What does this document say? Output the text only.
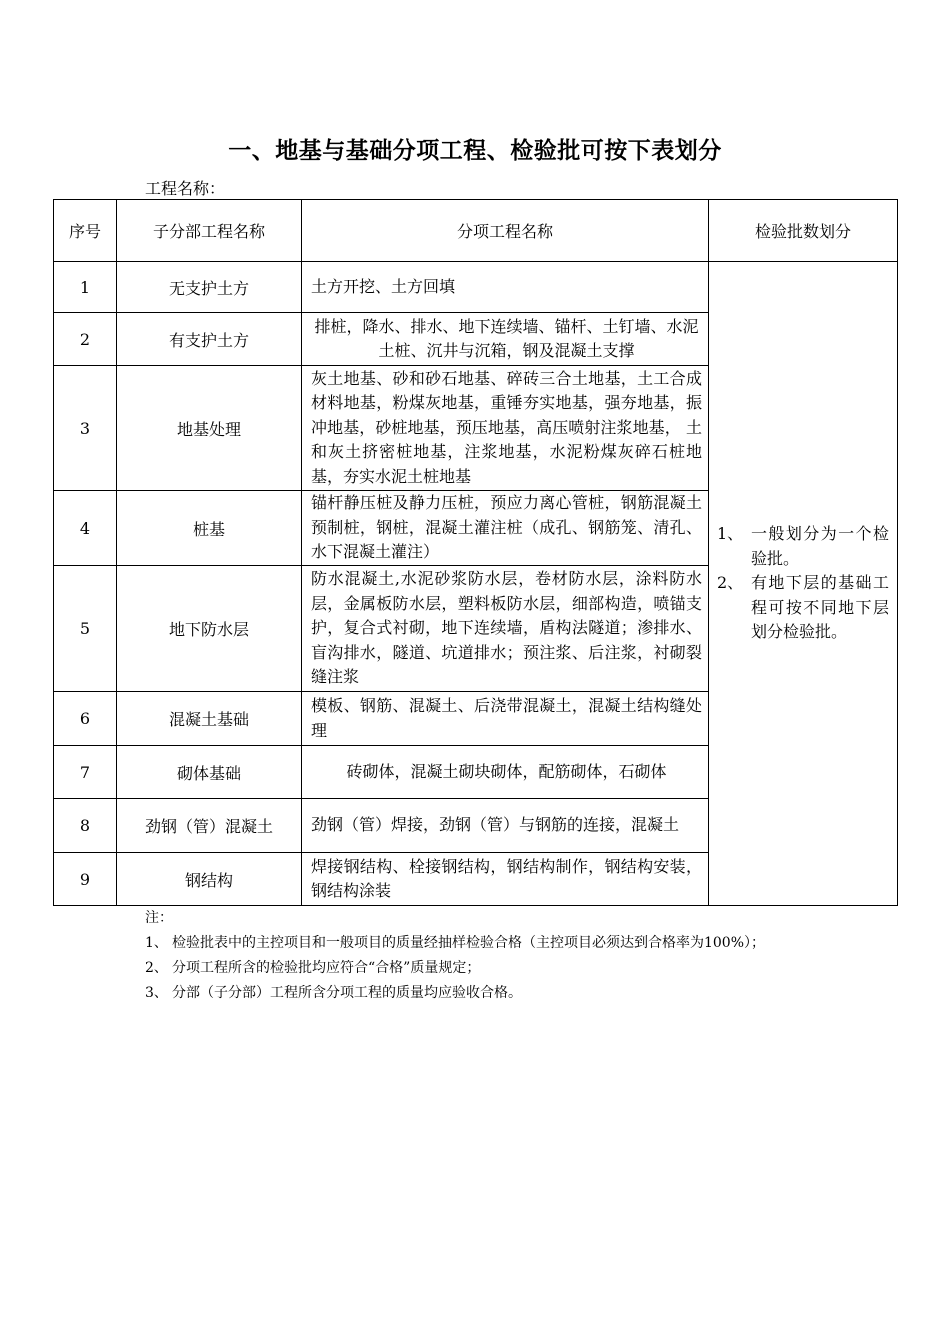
一、地基与基础分项工程、检验批可按下表划分
工程名称：
序号	子分部工程名称	分项工程名称	检验批数划分
1	无支护土方	土方开挖、土方回填	1、 一般划分为一个检验批。
2、 有地下层的基础工程可按不同地下层划分检验批。

2	有支护土方	排桩，降水、排水、地下连续墙、锚杆、土钉墙、水泥土桩、沉井与沉箱，钢及混凝土支撑	
3	地基处理	灰土地基、砂和砂石地基、碎砖三合土地基，土工合成材料地基，粉煤灰地基，重锤夯实地基，强夯地基，振冲地基，砂桩地基，预压地基，高压喷射注浆地基， 土和灰土挤密桩地基，注浆地基，水泥粉煤灰碎石桩地基，夯实水泥土桩地基	
4	桩基	锚杆静压桩及静力压桩，预应力离心管桩，钢筋混凝土预制桩，钢桩，混凝土灌注桩（成孔、钢筋笼、清孔、水下混凝土灌注）	
5	地下防水层	防水混凝土,水泥砂浆防水层，卷材防水层，涂料防水层，金属板防水层，塑料板防水层，细部构造，喷锚支护，复合式衬砌，地下连续墙，盾构法隧道；渗排水、盲沟排水，隧道、坑道排水；预注浆、后注浆，衬砌裂缝注浆	
6	混凝土基础	模板、钢筋、混凝土、后浇带混凝土，混凝土结构缝处理	
7	砌体基础	砖砌体，混凝土砌块砌体，配筋砌体，石砌体	
8	劲钢（管）混凝土	劲钢（管）焊接，劲钢（管）与钢筋的连接，混凝土	
9	钢结构	焊接钢结构、栓接钢结构，钢结构制作，钢结构安装，钢结构涂装	
注：
1、 检验批表中的主控项目和一般项目的质量经抽样检验合格（主控项目必须达到合格率为100%）；
2、 分项工程所含的检验批均应符合“合格”质量规定；
3、 分部（子分部）工程所含分项工程的质量均应验收合格。
